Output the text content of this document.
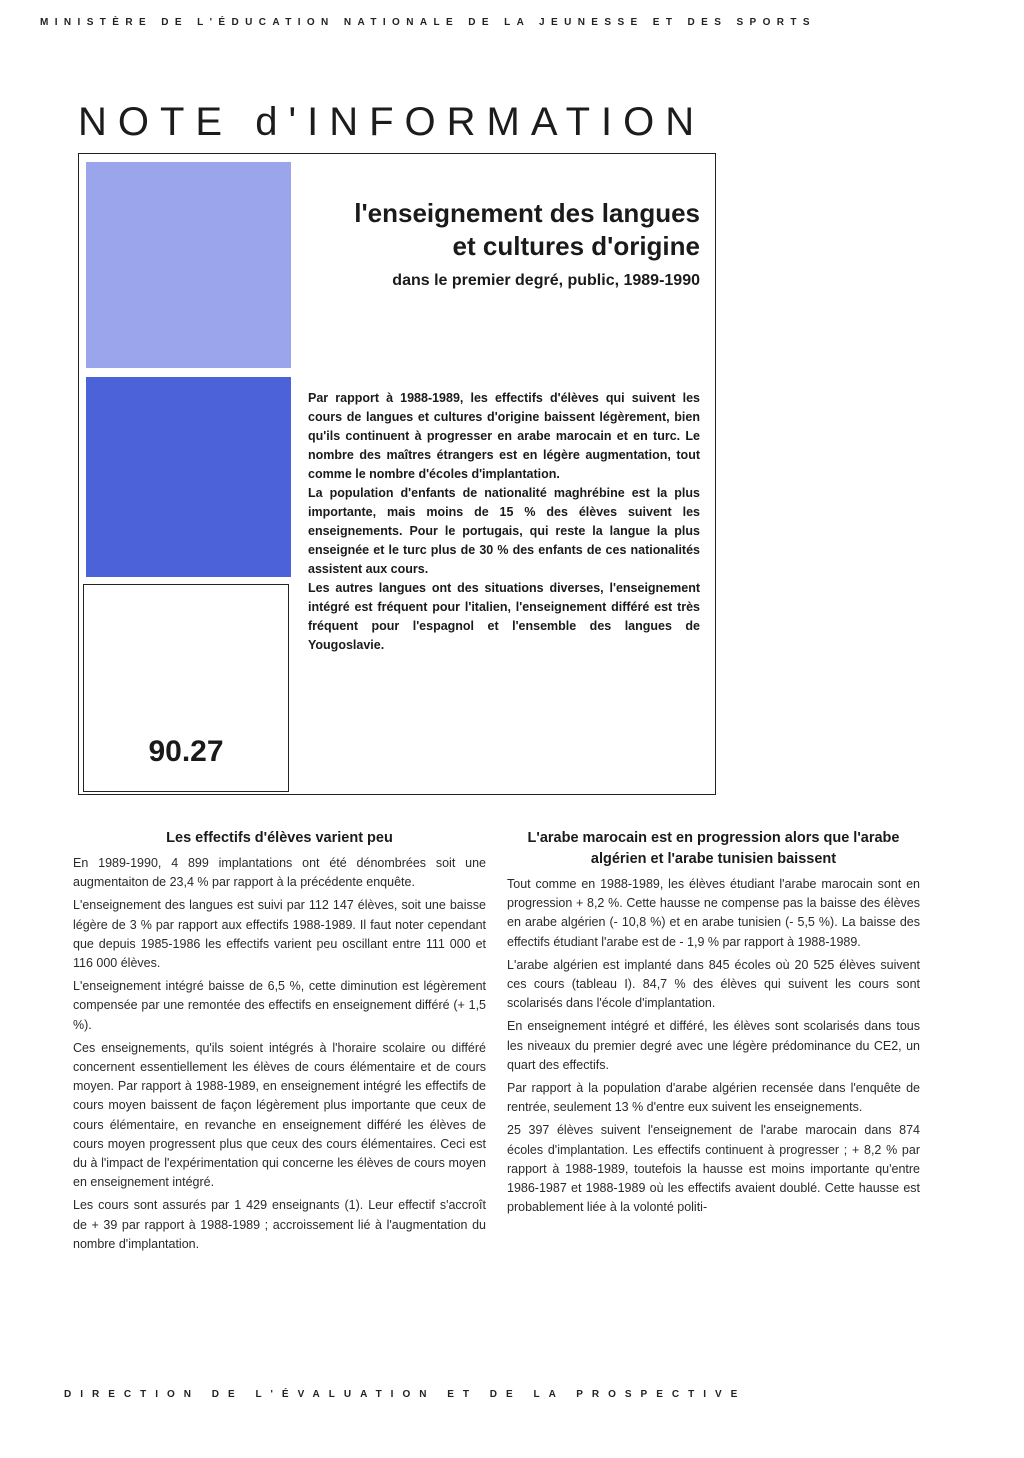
MINISTÈRE DE L'ÉDUCATION NATIONALE DE LA JEUNESSE ET DES SPORTS
NOTE d'INFORMATION
90.27
l'enseignement des langues
et cultures d'origine
dans le premier degré, public, 1989-1990

Par rapport à 1988-1989, les effectifs d'élèves qui suivent les cours de langues et cultures d'origine baissent légèrement, bien qu'ils continuent à progresser en arabe marocain et en turc. Le nombre des maîtres étrangers est en légère augmentation, tout comme le nombre d'écoles d'implantation.

La population d'enfants de nationalité maghrébine est la plus importante, mais moins de 15 % des élèves suivent les enseignements. Pour le portugais, qui reste la langue la plus enseignée et le turc plus de 30 % des enfants de ces nationalités assistent aux cours.

Les autres langues ont des situations diverses, l'enseignement intégré est fréquent pour l'italien, l'enseignement différé est très fréquent pour l'espagnol et l'ensemble des langues de Yougoslavie.

Les effectifs d'élèves varient peu

En 1989-1990, 4 899 implantations ont été dénombrées soit une augmentaiton de 23,4 % par rapport à la précédente enquête.

L'enseignement des langues est suivi par 112 147 élèves, soit une baisse légère de 3 % par rapport aux effectifs 1988-1989. Il faut noter cependant que depuis 1985-1986 les effectifs varient peu oscillant entre 111 000 et 116 000 élèves.

L'enseignement intégré baisse de 6,5 %, cette diminution est légèrement compensée par une remontée des effectifs en enseignement différé (+ 1,5 %).

Ces enseignements, qu'ils soient intégrés à l'horaire scolaire ou différé concernent essentiellement les élèves de cours élémentaire et de cours moyen. Par rapport à 1988-1989, en enseignement intégré les effectifs de cours moyen baissent de façon légèrement plus importante que ceux de cours élémentaire, en revanche en enseignement différé les élèves de cours moyen progressent plus que ceux des cours élémentaires. Ceci est du à l'impact de l'expérimentation qui concerne les élèves de cours moyen en enseignement intégré.

Les cours sont assurés par 1 429 enseignants (1). Leur effectif s'accroît de + 39 par rapport à 1988-1989 ; accroissement lié à l'augmentation du nombre d'implantation.

L'arabe marocain est en progression alors que l'arabe algérien et l'arabe tunisien baissent

Tout comme en 1988-1989, les élèves étudiant l'arabe marocain sont en progression + 8,2 %. Cette hausse ne compense pas la baisse des élèves en arabe algérien (- 10,8 %) et en arabe tunisien (- 5,5 %). La baisse des effectifs étudiant l'arabe est de - 1,9 % par rapport à 1988-1989.

L'arabe algérien est implanté dans 845 écoles où 20 525 élèves suivent ces cours (tableau I). 84,7 % des élèves qui suivent les cours sont scolarisés dans l'école d'implantation.

En enseignement intégré et différé, les élèves sont scolarisés dans tous les niveaux du premier degré avec une légère prédominance du CE2, un quart des effectifs.

Par rapport à la population d'arabe algérien recensée dans l'enquête de rentrée, seulement 13 % d'entre eux suivent les enseignements.

25 397 élèves suivent l'enseignement de l'arabe marocain dans 874 écoles d'implantation. Les effectifs continuent à progresser ; + 8,2 % par rapport à 1988-1989, toutefois la hausse est moins importante qu'entre 1986-1987 et 1988-1989 où les effectifs avaient doublé. Cette hausse est probablement liée à la volonté politi-

DIRECTION DE L'ÉVALUATION ET DE LA PROSPECTIVE
